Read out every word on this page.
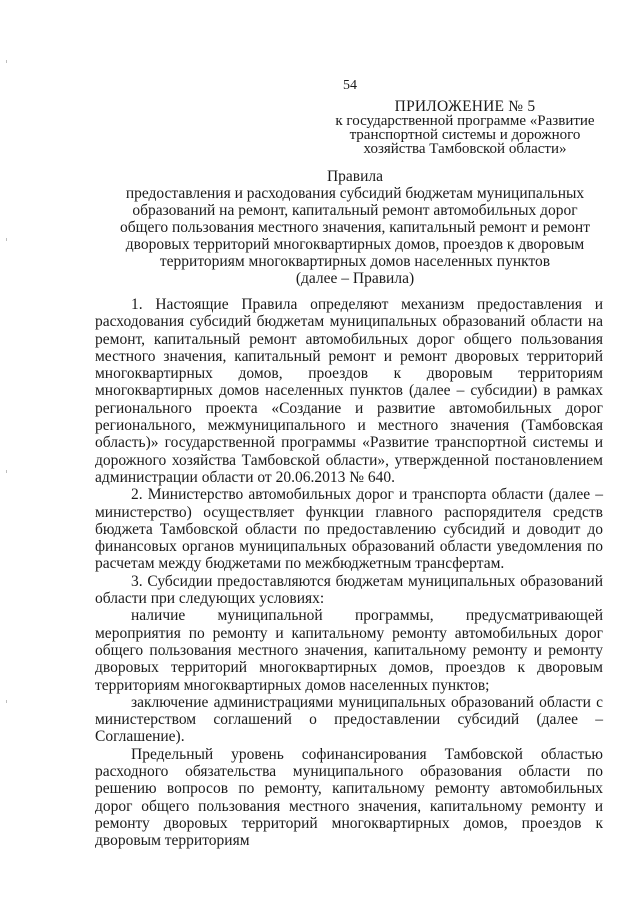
54
ПРИЛОЖЕНИЕ № 5
к государственной программе «Развитие
транспортной системы и дорожного
хозяйства Тамбовской области»
Правила
предоставления и расходования субсидий бюджетам муниципальных образований на ремонт, капитальный ремонт автомобильных дорог общего пользования местного значения, капитальный ремонт и ремонт дворовых территорий многоквартирных домов, проездов к дворовым территориям многоквартирных домов населенных пунктов
(далее – Правила)

1. Настоящие Правила определяют механизм предоставления и расходования субсидий бюджетам муниципальных образований области на ремонт, капитальный ремонт автомобильных дорог общего пользования местного значения, капитальный ремонт и ремонт дворовых территорий многоквартирных домов, проездов к дворовым территориям многоквартирных домов населенных пунктов (далее – субсидии) в рамках регионального проекта «Создание и развитие автомобильных дорог регионального, межмуниципального и местного значения (Тамбовская область)» государственной программы «Развитие транспортной системы и дорожного хозяйства Тамбовской области», утвержденной постановлением администрации области от 20.06.2013 № 640.

2. Министерство автомобильных дорог и транспорта области (далее – министерство) осуществляет функции главного распорядителя средств бюджета Тамбовской области по предоставлению субсидий и доводит до финансовых органов муниципальных образований области уведомления по расчетам между бюджетами по межбюджетным трансфертам.

3. Субсидии предоставляются бюджетам муниципальных образований области при следующих условиях:

наличие муниципальной программы, предусматривающей мероприятия по ремонту и капитальному ремонту автомобильных дорог общего пользования местного значения, капитальному ремонту и ремонту дворовых территорий многоквартирных домов, проездов к дворовым территориям многоквартирных домов населенных пунктов;

заключение администрациями муниципальных образований области с министерством соглашений о предоставлении субсидий (далее – Соглашение).

Предельный уровень софинансирования Тамбовской областью расходного обязательства муниципального образования области по решению вопросов по ремонту, капитальному ремонту автомобильных дорог общего пользования местного значения, капитальному ремонту и ремонту дворовых территорий многоквартирных домов, проездов к дворовым территориям
